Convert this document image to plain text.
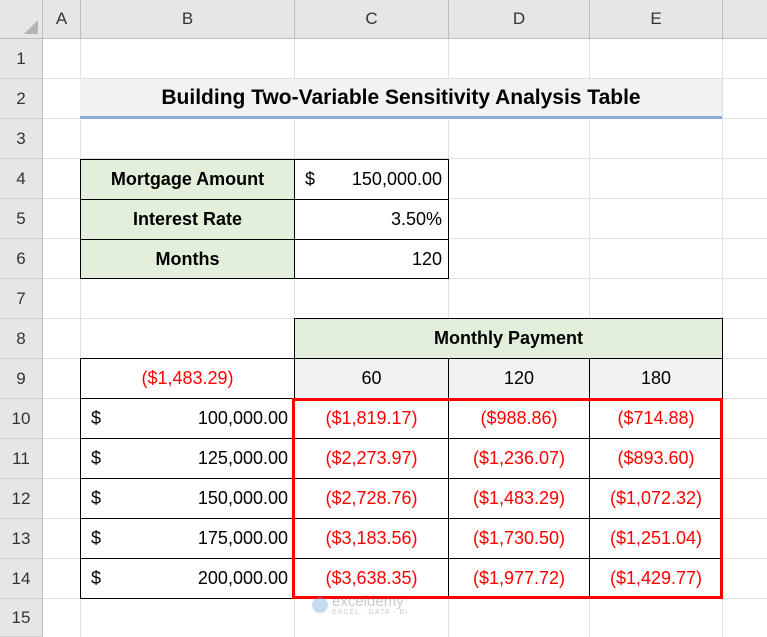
A	B	C	D	E
1
2
3
4
5
6
7
8
9
10
11
12
13
14
15
Building Two-Variable Sensitivity Analysis Table
Mortgage Amount	$ 150,000.00
Interest Rate	3.50%
Months	120
Monthly Payment
($1,483.29)	60	120	180
$	100,000.00	($1,819.17)	($988.86)	($714.88)
$	125,000.00	($2,273.97)	($1,236.07)	($893.60)
$	150,000.00	($2,728.76)	($1,483.29)	($1,072.32)
$	175,000.00	($3,183.56)	($1,730.50)	($1,251.04)
$	200,000.00	($3,638.35)	($1,977.72)	($1,429.77)
exceldemy
EXCEL · DATA · BI
